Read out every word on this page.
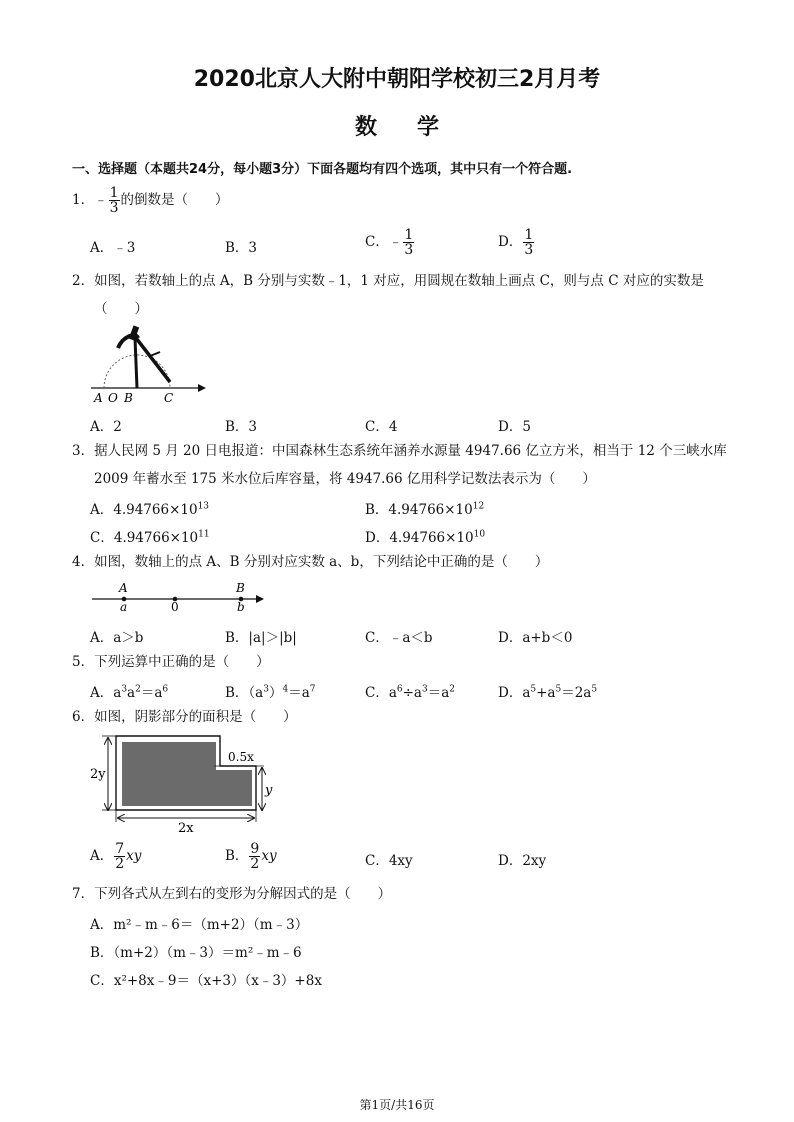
2020北京人大附中朝阳学校初三2月月考
数学
一、选择题（本题共24分，每小题3分）下面各题均有四个选项，其中只有一个符合题.
1．﹣ $\frac{1}{3}$ 的倒数是（　　）
A．﹣3	B．3	C．﹣ $\frac{1}{3}$	D． $\frac{1}{3}$
2．如图，若数轴上的点 A，B 分别与实数﹣1，1 对应，用圆规在数轴上画点 C，则与点 C 对应的实数是
（　　）
A O B	C
A．2	B．3	C．4	D．5
3．据人民网 5 月 20 日电报道：中国森林生态系统年涵养水源量 4947.66 亿立方米，相当于 12 个三峡水库
2009 年蓄水至 175 米水位后库容量，将 4947.66 亿用科学记数法表示为（　　）
A．$4.94766\times 10^{13}$	B．$4.94766\times 10^{12}$
C．$4.94766\times 10^{11}$	D．$4.94766\times 10^{10}$
4．如图，数轴上的点 A、B 分别对应实数 a、b，下列结论中正确的是（　　）
A
a	0
B
b
A．a＞b	B．|a|＞|b|	C．﹣a＜b	D．a+b＜0
5．下列运算中正确的是（　　）
A．$a^3a^2=a^6$	B．$(a^3)^4=a^7$	C．$a^6\div a^3=a^2$	D．$a^5+a^5=2a^5$
6．如图，阴影部分的面积是（　　）
2y
0.5x
y
2x
A． $\frac{7}{2}$ xy	B． $\frac{9}{2}$ xy	C．4xy	D．2xy
7．下列各式从左到右的变形为分解因式的是（　　）
A．m²﹣m﹣6＝（m+2）（m﹣3）
B．（m+2）（m﹣3）＝m²﹣m﹣6
C．x²+8x﹣9＝（x+3）（x﹣3）+8x
第1页/共16页
